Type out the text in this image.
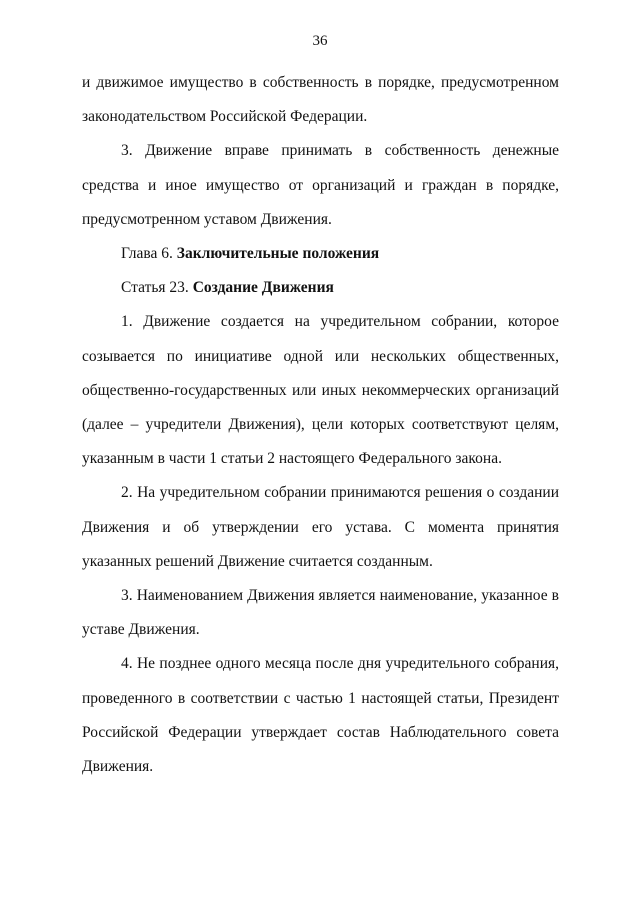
36

и движимое имущество в собственность в порядке, предусмотренном законодательством Российской Федерации.

3. Движение вправе принимать в собственность денежные средства и иное имущество от организаций и граждан в порядке, предусмотренном уставом Движения.

Глава 6. Заключительные положения

Статья 23. Создание Движения

1. Движение создается на учредительном собрании, которое созывается по инициативе одной или нескольких общественных, общественно-государственных или иных некоммерческих организаций (далее – учредители Движения), цели которых соответствуют целям, указанным в части 1 статьи 2 настоящего Федерального закона.

2. На учредительном собрании принимаются решения о создании Движения и об утверждении его устава. С момента принятия указанных решений Движение считается созданным.

3. Наименованием Движения является наименование, указанное в уставе Движения.

4. Не позднее одного месяца после дня учредительного собрания, проведенного в соответствии с частью 1 настоящей статьи, Президент Российской Федерации утверждает состав Наблюдательного совета Движения.
